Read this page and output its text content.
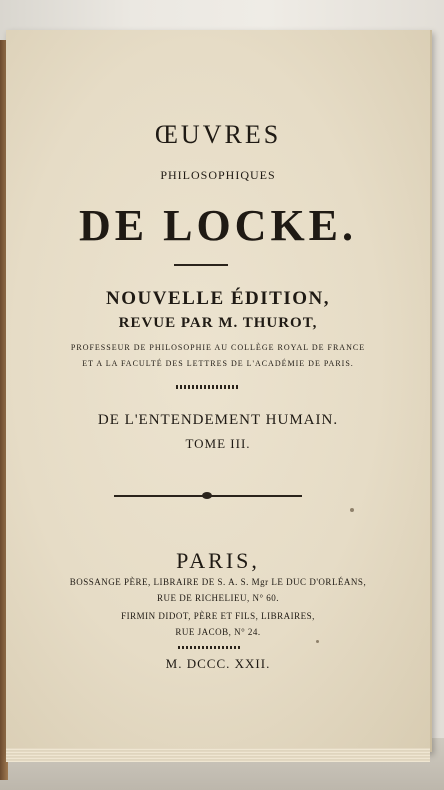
ŒUVRES
PHILOSOPHIQUES
DE LOCKE.
NOUVELLE ÉDITION,
REVUE PAR M. THUROT,
PROFESSEUR DE PHILOSOPHIE AU COLLÈGE ROYAL DE FRANCE
ET A LA FACULTÉ DES LETTRES DE L'ACADÉMIE DE PARIS.
DE L'ENTENDEMENT HUMAIN.
TOME III.
PARIS,
BOSSANGE PÈRE, LIBRAIRE DE S. A. S. Mgr LE DUC D'ORLÉANS,
RUE DE RICHELIEU, N° 60.
FIRMIN DIDOT, PÈRE ET FILS, LIBRAIRES,
RUE JACOB, N° 24.
M. DCCC. XXII.
